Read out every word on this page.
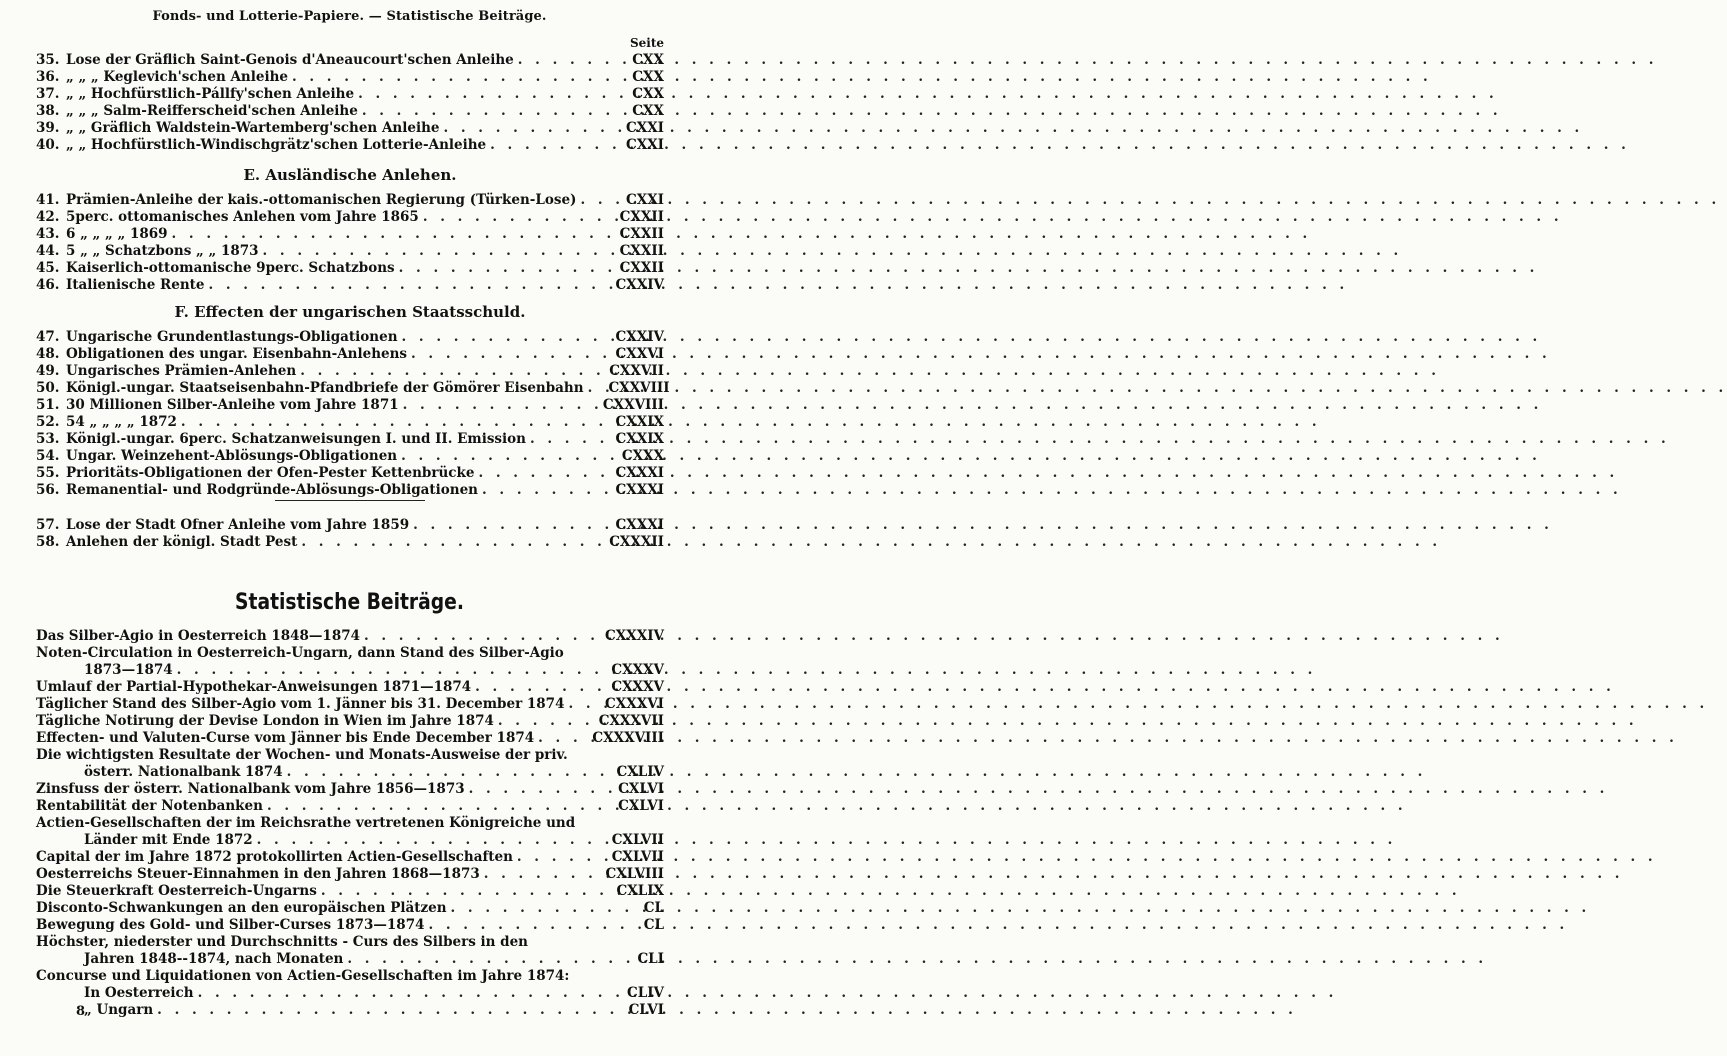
Fonds- und Lotterie-Papiere. — Statistische Beiträge.
Seite
35. Lose der Gräflich Saint-Genois d'Aneaucourt'schen Anleihe . . .	CXX
36. „ „ „ Keglevich'schen Anleihe . . .	CXX
37. „ „ Hochfürstlich-Pállfy'schen Anleihe . . .	CXX
38. „ „ „ Salm-Reifferscheid'schen Anleihe . . .	CXX
39. „ „ Gräflich Waldstein-Wartemberg'schen Anleihe . . .	CXXI
40. „ „ Hochfürstlich-Windischgrätz'schen Lotterie-Anleihe . . .	CXXI
E. Ausländische Anlehen.
41. Prämien-Anleihe der kais.-ottomanischen Regierung (Türken-Lose) . . .	CXXI
42. 5perc. ottomanisches Anlehen vom Jahre 1865 . . .	CXXII
43. 6 „ „ „ „ 1869 . . .	CXXII
44. 5 „ „ Schatzbons „ „ 1873 . . .	CXXII
45. Kaiserlich-ottomanische 9perc. Schatzbons . . .	CXXII
46. Italienische Rente . . .	CXXIV
F. Effecten der ungarischen Staatsschuld.
47. Ungarische Grundentlastungs-Obligationen . . .	CXXIV
48. Obligationen des ungar. Eisenbahn-Anlehens . . .	CXXVI
49. Ungarisches Prämien-Anlehen . . .	CXXVII
50. Königl.-ungar. Staatseisenbahn-Pfandbriefe der Gömörer Eisenbahn . . .	CXXVIII
51. 30 Millionen Silber-Anleihe vom Jahre 1871 . . .	CXXVIII
52. 54 „ „ „ „ 1872 . . .	CXXIX
53. Königl.-ungar. 6perc. Schatzanweisungen I. und II. Emission . . .	CXXIX
54. Ungar. Weinzehent-Ablösungs-Obligationen . . .	CXXX
55. Prioritäts-Obligationen der Ofen-Pester Kettenbrücke . . .	CXXXI
56. Remanential- und Rodgründe-Ablösungs-Obligationen . . .	CXXXI
57. Lose der Stadt Ofner Anleihe vom Jahre 1859 . . .	CXXXI
58. Anlehen der königl. Stadt Pest . . .	CXXXII
Statistische Beiträge.
Das Silber-Agio in Oesterreich 1848—1874 . . .	CXXXIV
Noten-Circulation in Oesterreich-Ungarn, dann Stand des Silber-Agio
1873—1874 . . .	CXXXV
Umlauf der Partial-Hypothekar-Anweisungen 1871—1874 . . .	CXXXV
Täglicher Stand des Silber-Agio vom 1. Jänner bis 31. December 1874 . . .	CXXXVI
Tägliche Notirung der Devise London in Wien im Jahre 1874 . . .	CXXXVII
Effecten- und Valuten-Curse vom Jänner bis Ende December 1874 . . .	CXXXVIII
Die wichtigsten Resultate der Wochen- und Monats-Ausweise der priv.
österr. Nationalbank 1874 . . .	CXLIV
Zinsfuss der österr. Nationalbank vom Jahre 1856—1873 . . .	CXLVI
Rentabilität der Notenbanken . . .	CXLVI
Actien-Gesellschaften der im Reichsrathe vertretenen Königreiche und
Länder mit Ende 1872 . . .	CXLVII
Capital der im Jahre 1872 protokollirten Actien-Gesellschaften . . .	CXLVII
Oesterreichs Steuer-Einnahmen in den Jahren 1868—1873 . . .	CXLVIII
Die Steuerkraft Oesterreich-Ungarns . . .	CXLIX
Disconto-Schwankungen an den europäischen Plätzen . . .	CL
Bewegung des Gold- und Silber-Curses 1873—1874 . . .	CL
Höchster, niederster und Durchschnitts - Curs des Silbers in den
Jahren 1848--1874, nach Monaten . . .	CLI
Concurse und Liquidationen von Actien-Gesellschaften im Jahre 1874:
In Oesterreich . . .	CLIV
„ Ungarn . . .	CLVI
8
